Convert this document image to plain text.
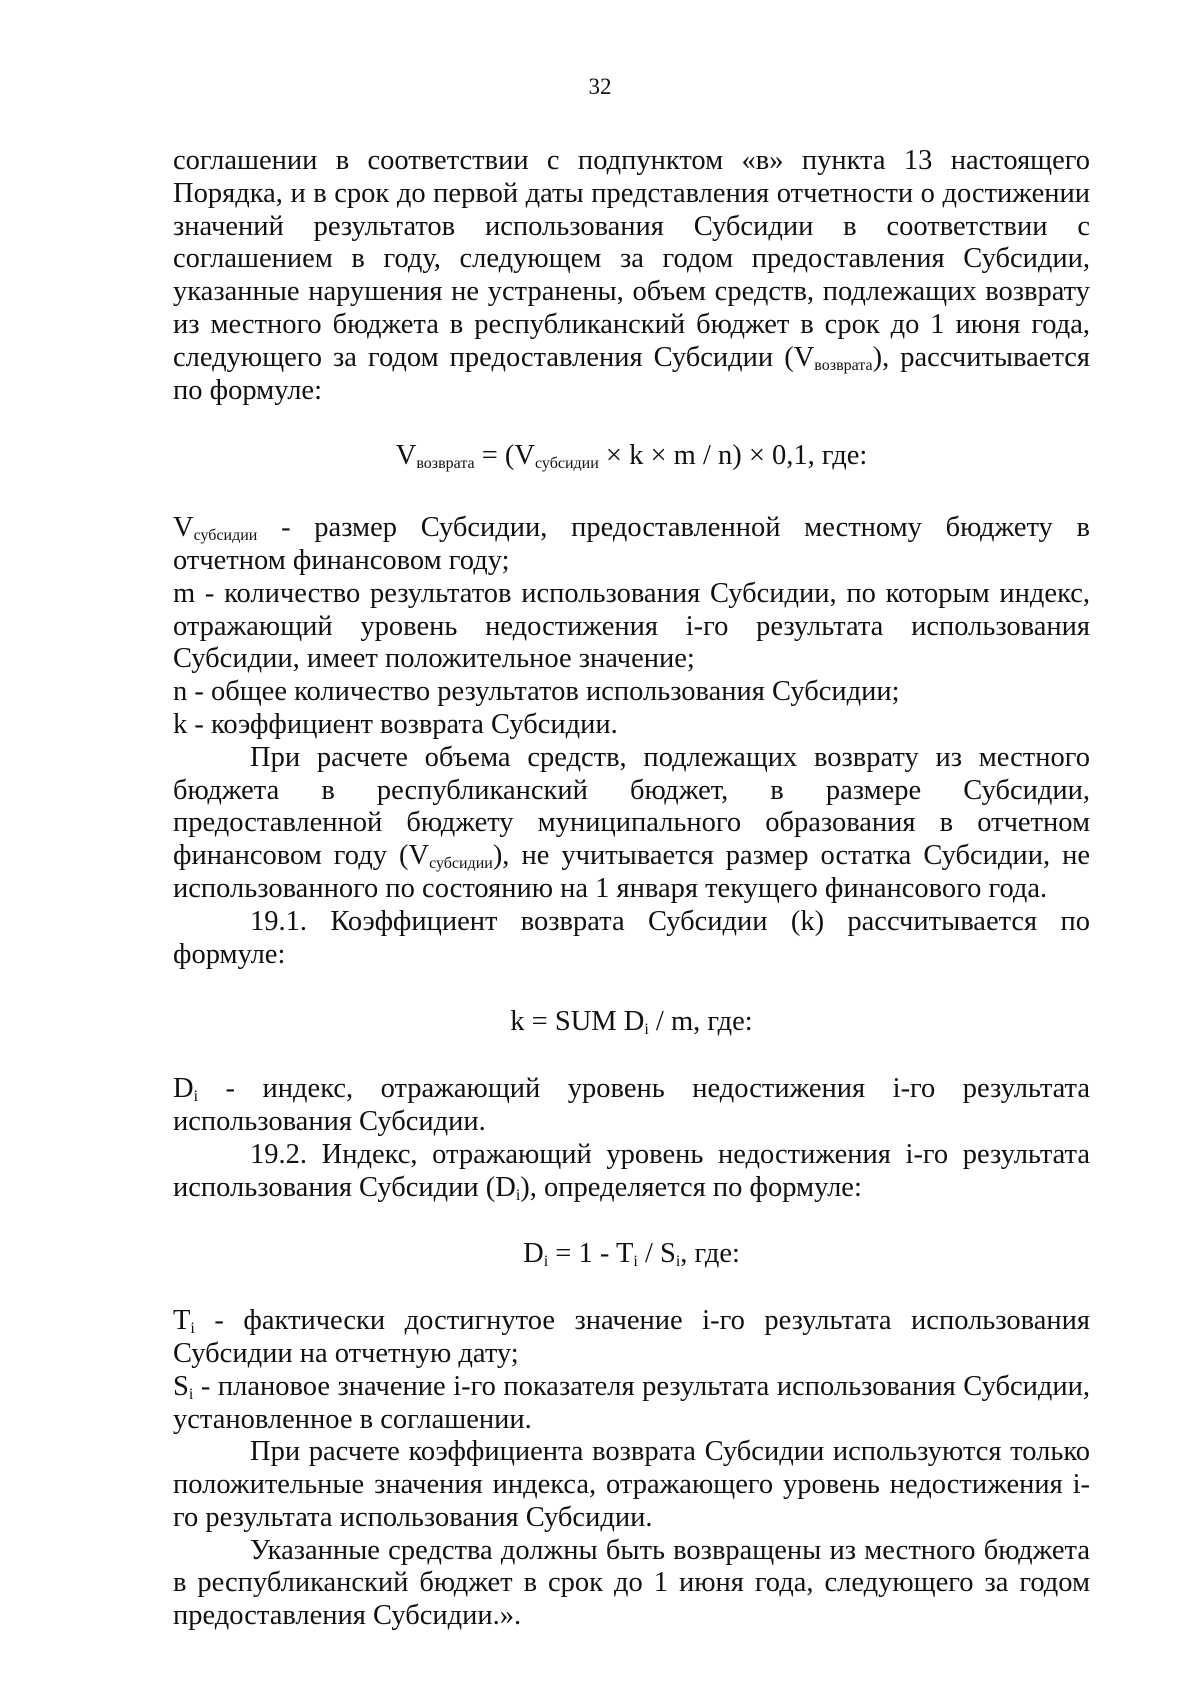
32

соглашении в соответствии с подпунктом «в» пункта 13 настоящего Порядка, и в срок до первой даты представления отчетности о достижении значений результатов использования Субсидии в соответствии с соглашением в году, следующем за годом предоставления Субсидии, указанные нарушения не устранены, объем средств, подлежащих возврату из местного бюджета в республиканский бюджет в срок до 1 июня года, следующего за годом предоставления Субсидии $(V_{возврата})$, рассчитывается по формуле:

$V_{возврата} = (V_{субсидии} \times k \times m / n) \times 0,1$, где:

$V_{субсидии}$ - размер Субсидии, предоставленной местному бюджету в отчетном финансовом году;

m - количество результатов использования Субсидии, по которым индекс, отражающий уровень недостижения i-го результата использования Субсидии, имеет положительное значение;

n - общее количество результатов использования Субсидии;

k - коэффициент возврата Субсидии.

При расчете объема средств, подлежащих возврату из местного бюджета в республиканский бюджет, в размере Субсидии, предоставленной бюджету муниципального образования в отчетном финансовом году $(V_{субсидии})$, не учитывается размер остатка Субсидии, не использованного по состоянию на 1 января текущего финансового года.

19.1. Коэффициент возврата Субсидии (k) рассчитывается по формуле:

k = SUM $D_i$ / m, где:

$D_i$ - индекс, отражающий уровень недостижения i-го результата использования Субсидии.

19.2. Индекс, отражающий уровень недостижения i-го результата использования Субсидии $(D_i)$, определяется по формуле:

$D_i = 1 - T_i / S_i$, где:

$T_i$ - фактически достигнутое значение i-го результата использования Субсидии на отчетную дату;

$S_i$ - плановое значение i-го показателя результата использования Субсидии, установленное в соглашении.

При расчете коэффициента возврата Субсидии используются только положительные значения индекса, отражающего уровень недостижения i-го результата использования Субсидии.

Указанные средства должны быть возвращены из местного бюджета в республиканский бюджет в срок до 1 июня года, следующего за годом предоставления Субсидии.».
